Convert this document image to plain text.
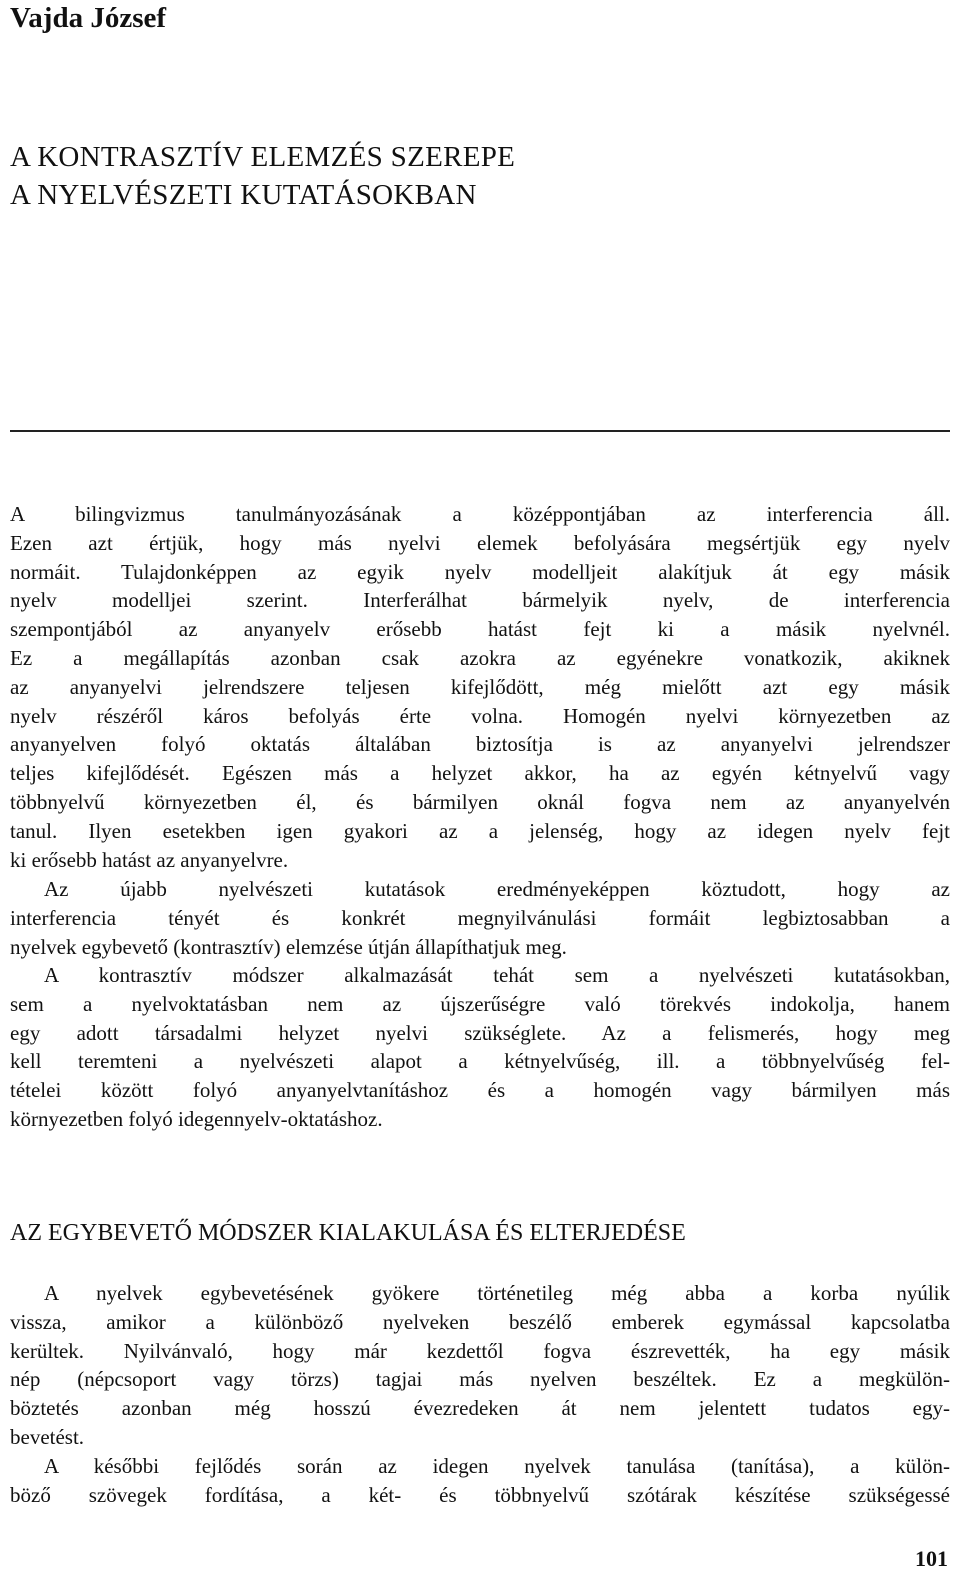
Vajda József
A KONTRASZTÍV ELEMZÉS SZEREPE
A NYELVÉSZETI KUTATÁSOKBAN
A bilingvizmus tanulmányozásának a középpontjában az interferencia áll.
Ezen azt értjük, hogy más nyelvi elemek befolyására megsértjük egy nyelv
normáit. Tulajdonképpen az egyik nyelv modelljeit alakítjuk át egy másik
nyelv modelljei szerint. Interferálhat bármelyik nyelv, de interferencia
szempontjából az anyanyelv erősebb hatást fejt ki a másik nyelvnél.
Ez a megállapítás azonban csak azokra az egyénekre vonatkozik, akiknek
az anyanyelvi jelrendszere teljesen kifejlődött, még mielőtt azt egy másik
nyelv részéről káros befolyás érte volna. Homogén nyelvi környezetben az
anyanyelven folyó oktatás általában biztosítja is az anyanyelvi jelrendszer
teljes kifejlődését. Egészen más a helyzet akkor, ha az egyén kétnyelvű vagy
többnyelvű környezetben él, és bármilyen oknál fogva nem az anyanyelvén
tanul. Ilyen esetekben igen gyakori az a jelenség, hogy az idegen nyelv fejt
ki erősebb hatást az anyanyelvre.
Az újabb nyelvészeti kutatások eredményeképpen köztudott, hogy az
interferencia tényét és konkrét megnyilvánulási formáit legbiztosabban a
nyelvek egybevető (kontrasztív) elemzése útján állapíthatjuk meg.
A kontrasztív módszer alkalmazását tehát sem a nyelvészeti kutatásokban,
sem a nyelvoktatásban nem az újszerűségre való törekvés indokolja, hanem
egy adott társadalmi helyzet nyelvi szükséglete. Az a felismerés, hogy meg
kell teremteni a nyelvészeti alapot a kétnyelvűség, ill. a többnyelvűség fel-
tételei között folyó anyanyelvtanításhoz és a homogén vagy bármilyen más
környezetben folyó idegennyelv-oktatáshoz.
AZ EGYBEVETŐ MÓDSZER KIALAKULÁSA ÉS ELTERJEDÉSE
A nyelvek egybevetésének gyökere történetileg még abba a korba nyúlik
vissza, amikor a különböző nyelveken beszélő emberek egymással kapcsolatba
kerültek. Nyilvánvaló, hogy már kezdettől fogva észrevették, ha egy másik
nép (népcsoport vagy törzs) tagjai más nyelven beszéltek. Ez a megkülön-
böztetés azonban még hosszú évezredeken át nem jelentett tudatos egy-
bevetést.
A későbbi fejlődés során az idegen nyelvek tanulása (tanítása), a külön-
böző szövegek fordítása, a két- és többnyelvű szótárak készítése szükségessé
101
